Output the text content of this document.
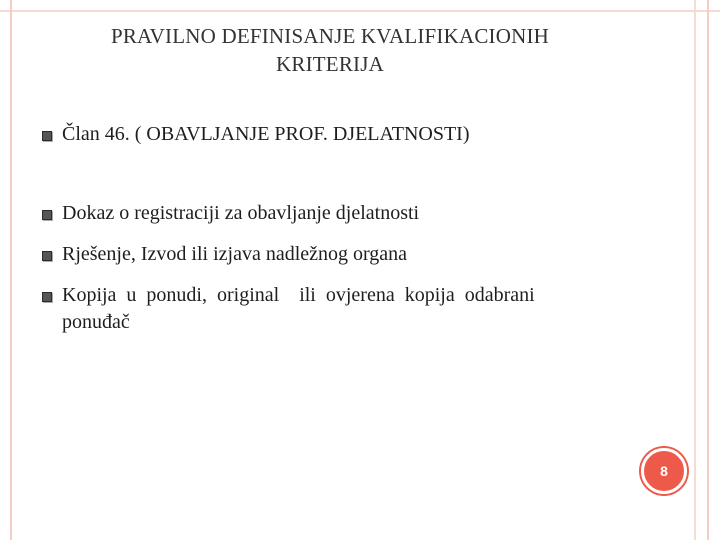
PRAVILNO DEFINISANJE KVALIFIKACIONIH
KRITERIJA
Član 46. ( OBAVLJANJE PROF. DJELATNOSTI)
Dokaz o registraciji za obavljanje djelatnosti
Rješenje, Izvod ili izjava nadležnog organa
Kopija  u  ponudi,  original    ili  ovjerena  kopija  odabrani
ponuđač
8
